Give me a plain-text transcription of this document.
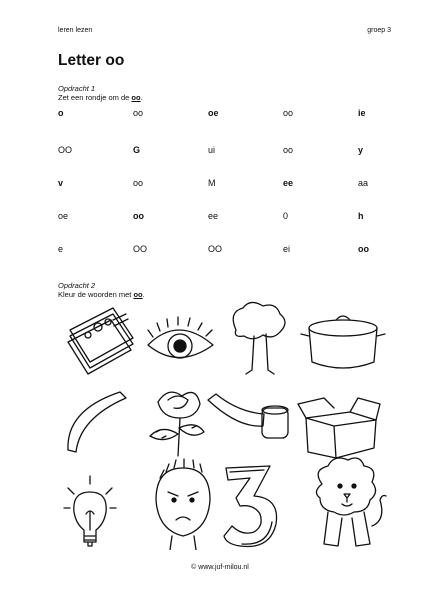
leren lezen	groep 3
Letter oo
Opdracht 1
Zet een rondje om de oo.
o	oo	oe	oo	ie
OO	G	ui	oo	y
v	oo	M	ee	aa
oe	oo	ee	0	h
e	OO	OO	ei	oo
Opdracht 2
Kleur de woorden met oo.
© www.juf-milou.nl
